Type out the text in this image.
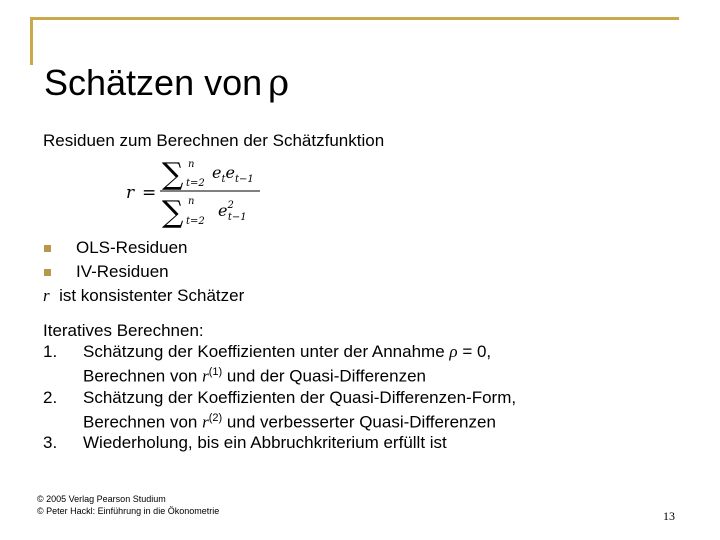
Schätzen von ρ
Residuen zum Berechnen der Schätzfunktion
r =
∑ n
t=2
$e_te_{t-1}$
∑ n
t=2
$e^2$ t−1
OLS-Residuen
IV-Residuen
r ist konsistenter Schätzer
Iteratives Berechnen:
1. Schätzung der Koeffizienten unter der Annahme ρ = 0,
Berechnen von $r^{(1)}$ und der Quasi-Differenzen
2. Schätzung der Koeffizienten der Quasi-Differenzen-Form,
Berechnen von $r^{(2)}$ und verbesserter Quasi-Differenzen
3. Wiederholung, bis ein Abbruchkriterium erfüllt ist
© 2005 Verlag Pearson Studium
© Peter Hackl: Einführung in die Ökonometrie	13
